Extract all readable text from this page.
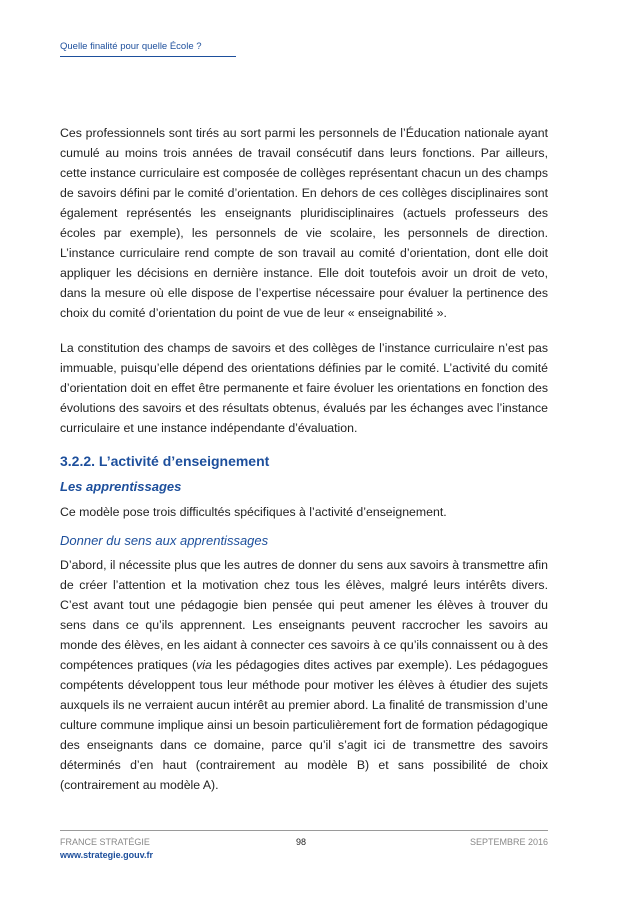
Quelle finalité pour quelle École ?

Ces professionnels sont tirés au sort parmi les personnels de l’Éducation nationale ayant cumulé au moins trois années de travail consécutif dans leurs fonctions. Par ailleurs, cette instance curriculaire est composée de collèges représentant chacun un des champs de savoirs défini par le comité d’orientation. En dehors de ces collèges disciplinaires sont également représentés les enseignants pluridisciplinaires (actuels professeurs des écoles par exemple), les personnels de vie scolaire, les personnels de direction. L’instance curriculaire rend compte de son travail au comité d’orientation, dont elle doit appliquer les décisions en dernière instance. Elle doit toutefois avoir un droit de veto, dans la mesure où elle dispose de l’expertise nécessaire pour évaluer la pertinence des choix du comité d’orientation du point de vue de leur « enseignabilité ».

La constitution des champs de savoirs et des collèges de l’instance curriculaire n’est pas immuable, puisqu’elle dépend des orientations définies par le comité. L’activité du comité d’orientation doit en effet être permanente et faire évoluer les orientations en fonction des évolutions des savoirs et des résultats obtenus, évalués par les échanges avec l’instance curriculaire et une instance indépendante d’évaluation.

3.2.2. L’activité d’enseignement
Les apprentissages

Ce modèle pose trois difficultés spécifiques à l’activité d’enseignement.

Donner du sens aux apprentissages

D’abord, il nécessite plus que les autres de donner du sens aux savoirs à transmettre afin de créer l’attention et la motivation chez tous les élèves, malgré leurs intérêts divers. C’est avant tout une pédagogie bien pensée qui peut amener les élèves à trouver du sens dans ce qu’ils apprennent. Les enseignants peuvent raccrocher les savoirs au monde des élèves, en les aidant à connecter ces savoirs à ce qu’ils connaissent ou à des compétences pratiques (via les pédagogies dites actives par exemple). Les pédagogues compétents développent tous leur méthode pour motiver les élèves à étudier des sujets auxquels ils ne verraient aucun intérêt au premier abord. La finalité de transmission d’une culture commune implique ainsi un besoin particulièrement fort de formation pédagogique des enseignants dans ce domaine, parce qu’il s’agit ici de transmettre des savoirs déterminés d’en haut (contrairement au modèle B) et sans possibilité de choix (contrairement au modèle A).

FRANCE STRATÉGIE	98	SEPTEMBRE 2016
www.strategie.gouv.fr
